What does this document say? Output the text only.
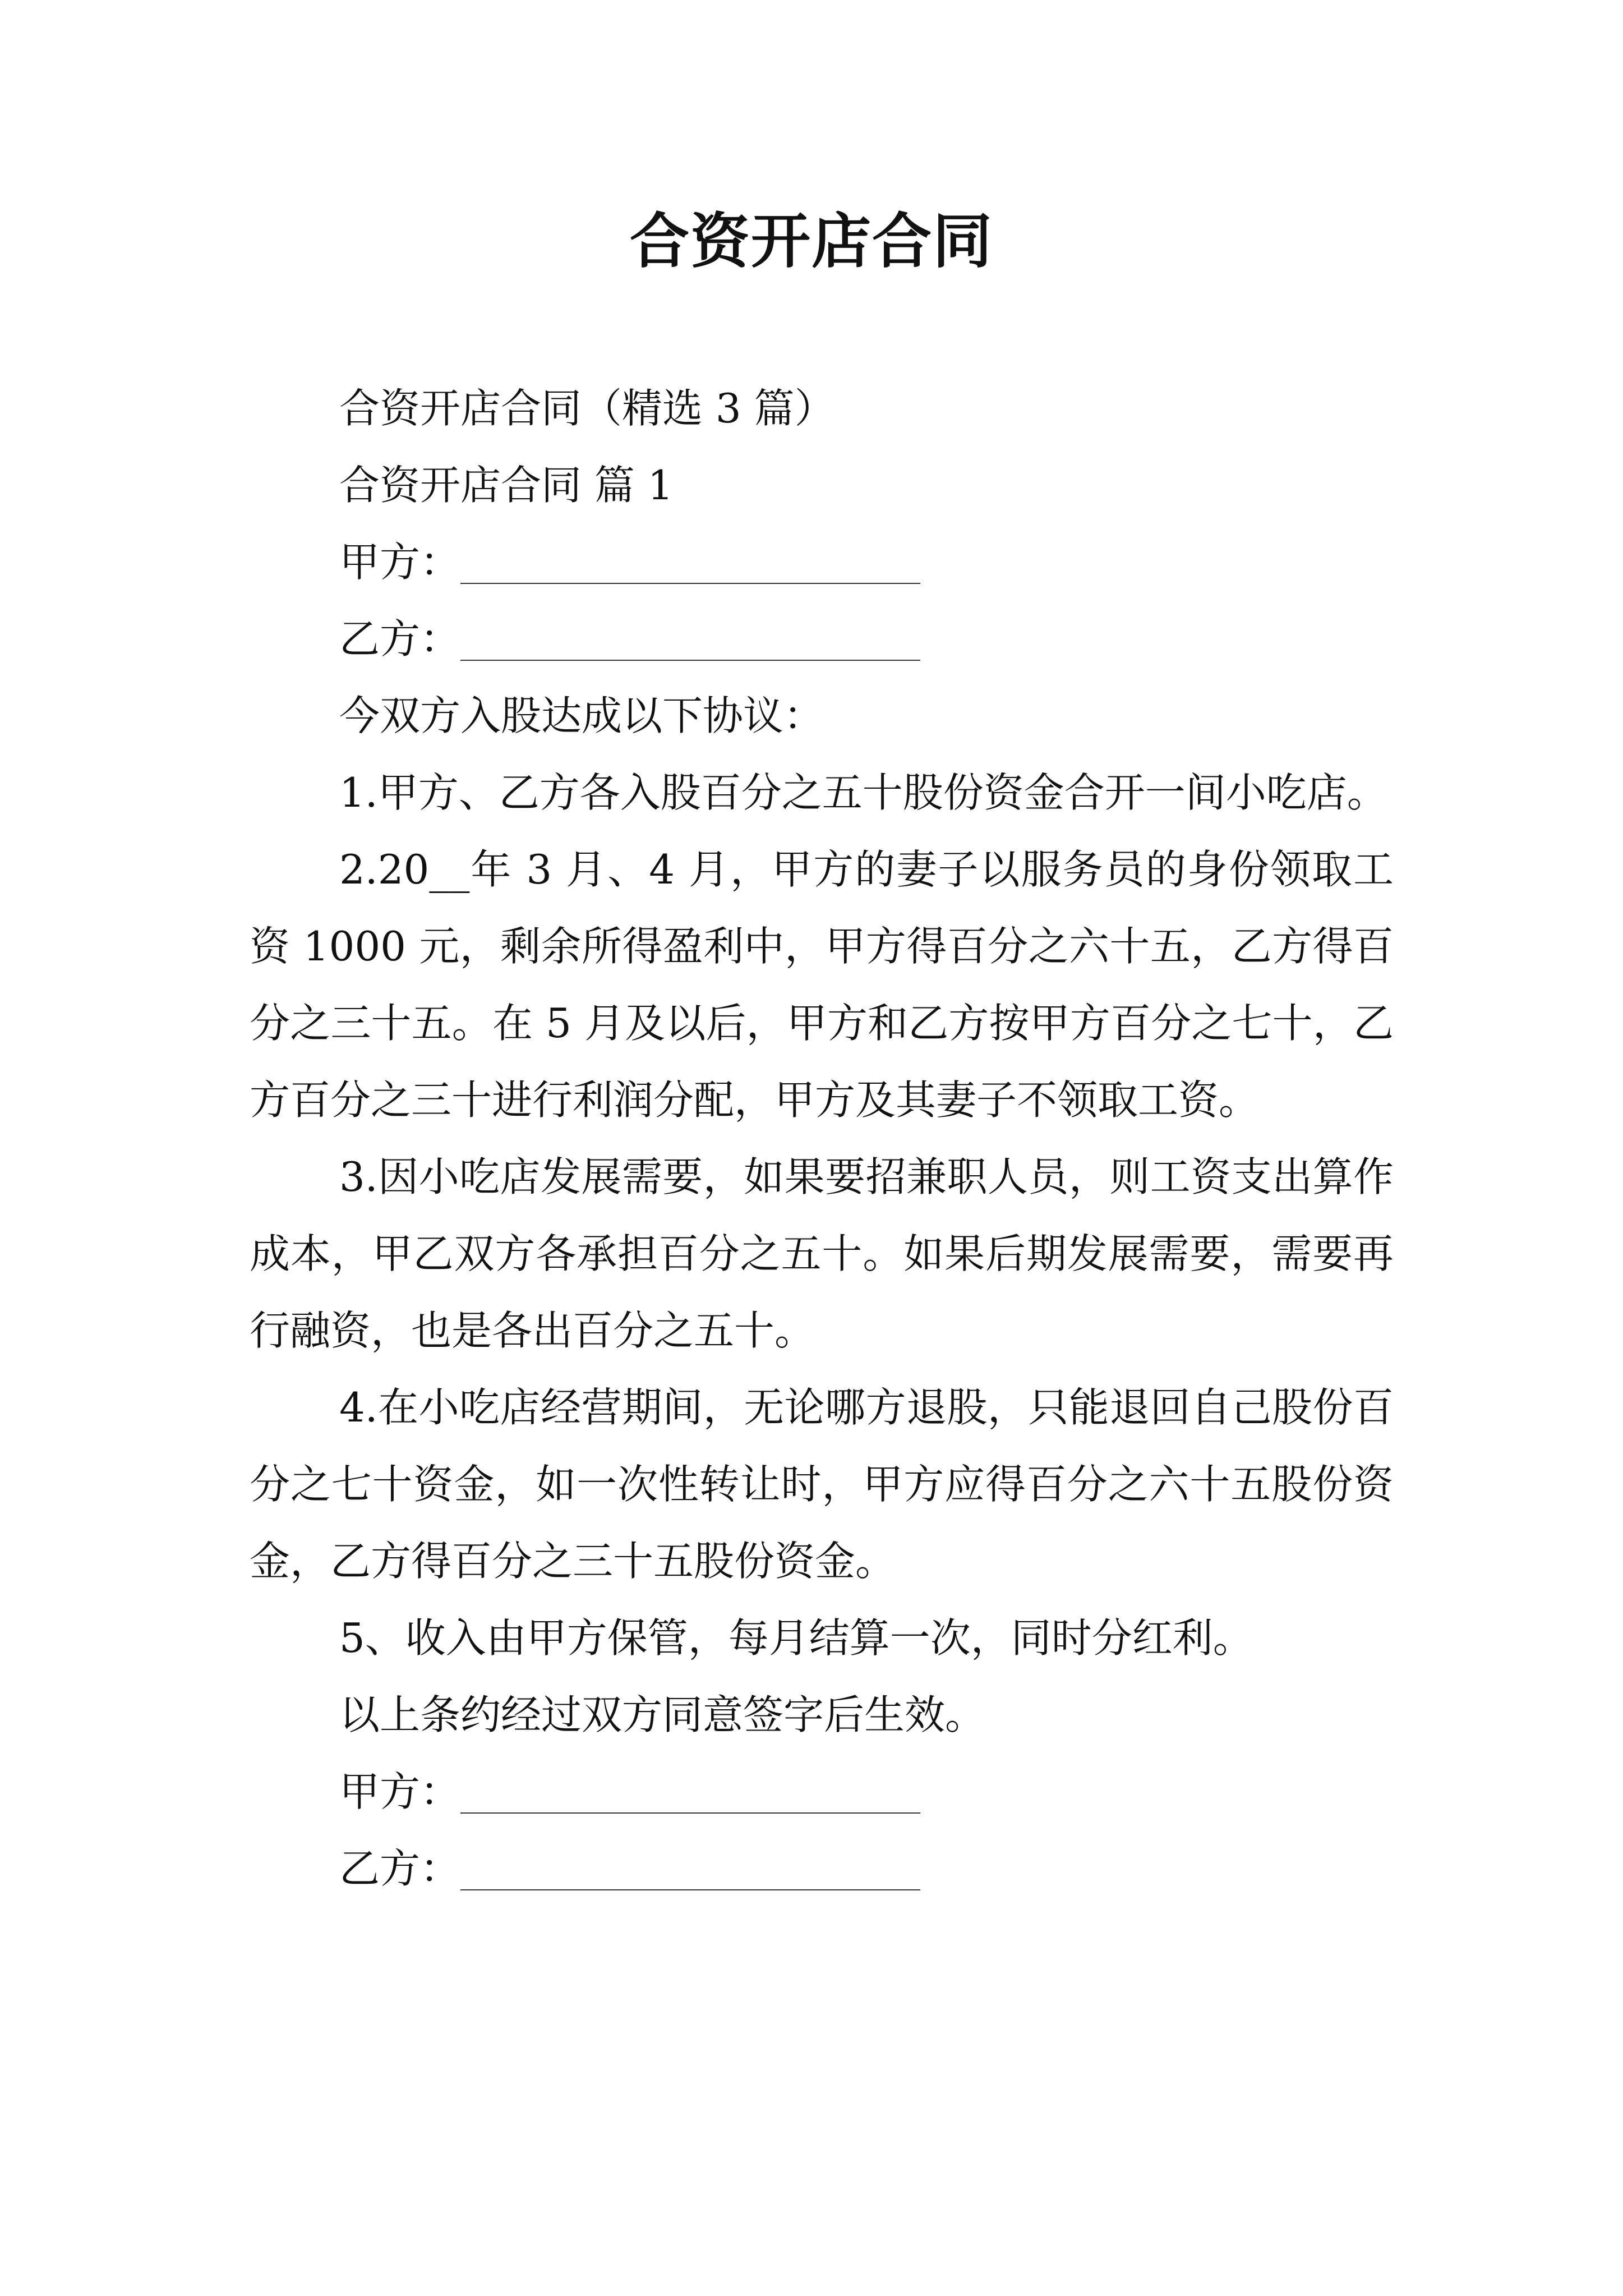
合资开店合同

合资开店合同（精选 3 篇）

合资开店合同 篇 1

甲方：

乙方：

今双方入股达成以下协议：

1.甲方、乙方各入股百分之五十股份资金合开一间小吃店。

2.20__年 3 月、4 月，甲方的妻子以服务员的身份领取工资 1000 元，剩余所得盈利中，甲方得百分之六十五，乙方得百分之三十五。在 5 月及以后，甲方和乙方按甲方百分之七十，乙方百分之三十进行利润分配，甲方及其妻子不领取工资。

3.因小吃店发展需要，如果要招兼职人员，则工资支出算作成本，甲乙双方各承担百分之五十。如果后期发展需要，需要再行融资，也是各出百分之五十。

4.在小吃店经营期间，无论哪方退股，只能退回自己股份百分之七十资金，如一次性转让时，甲方应得百分之六十五股份资金，乙方得百分之三十五股份资金。

5、收入由甲方保管，每月结算一次，同时分红利。

以上条约经过双方同意签字后生效。

甲方：

乙方：
